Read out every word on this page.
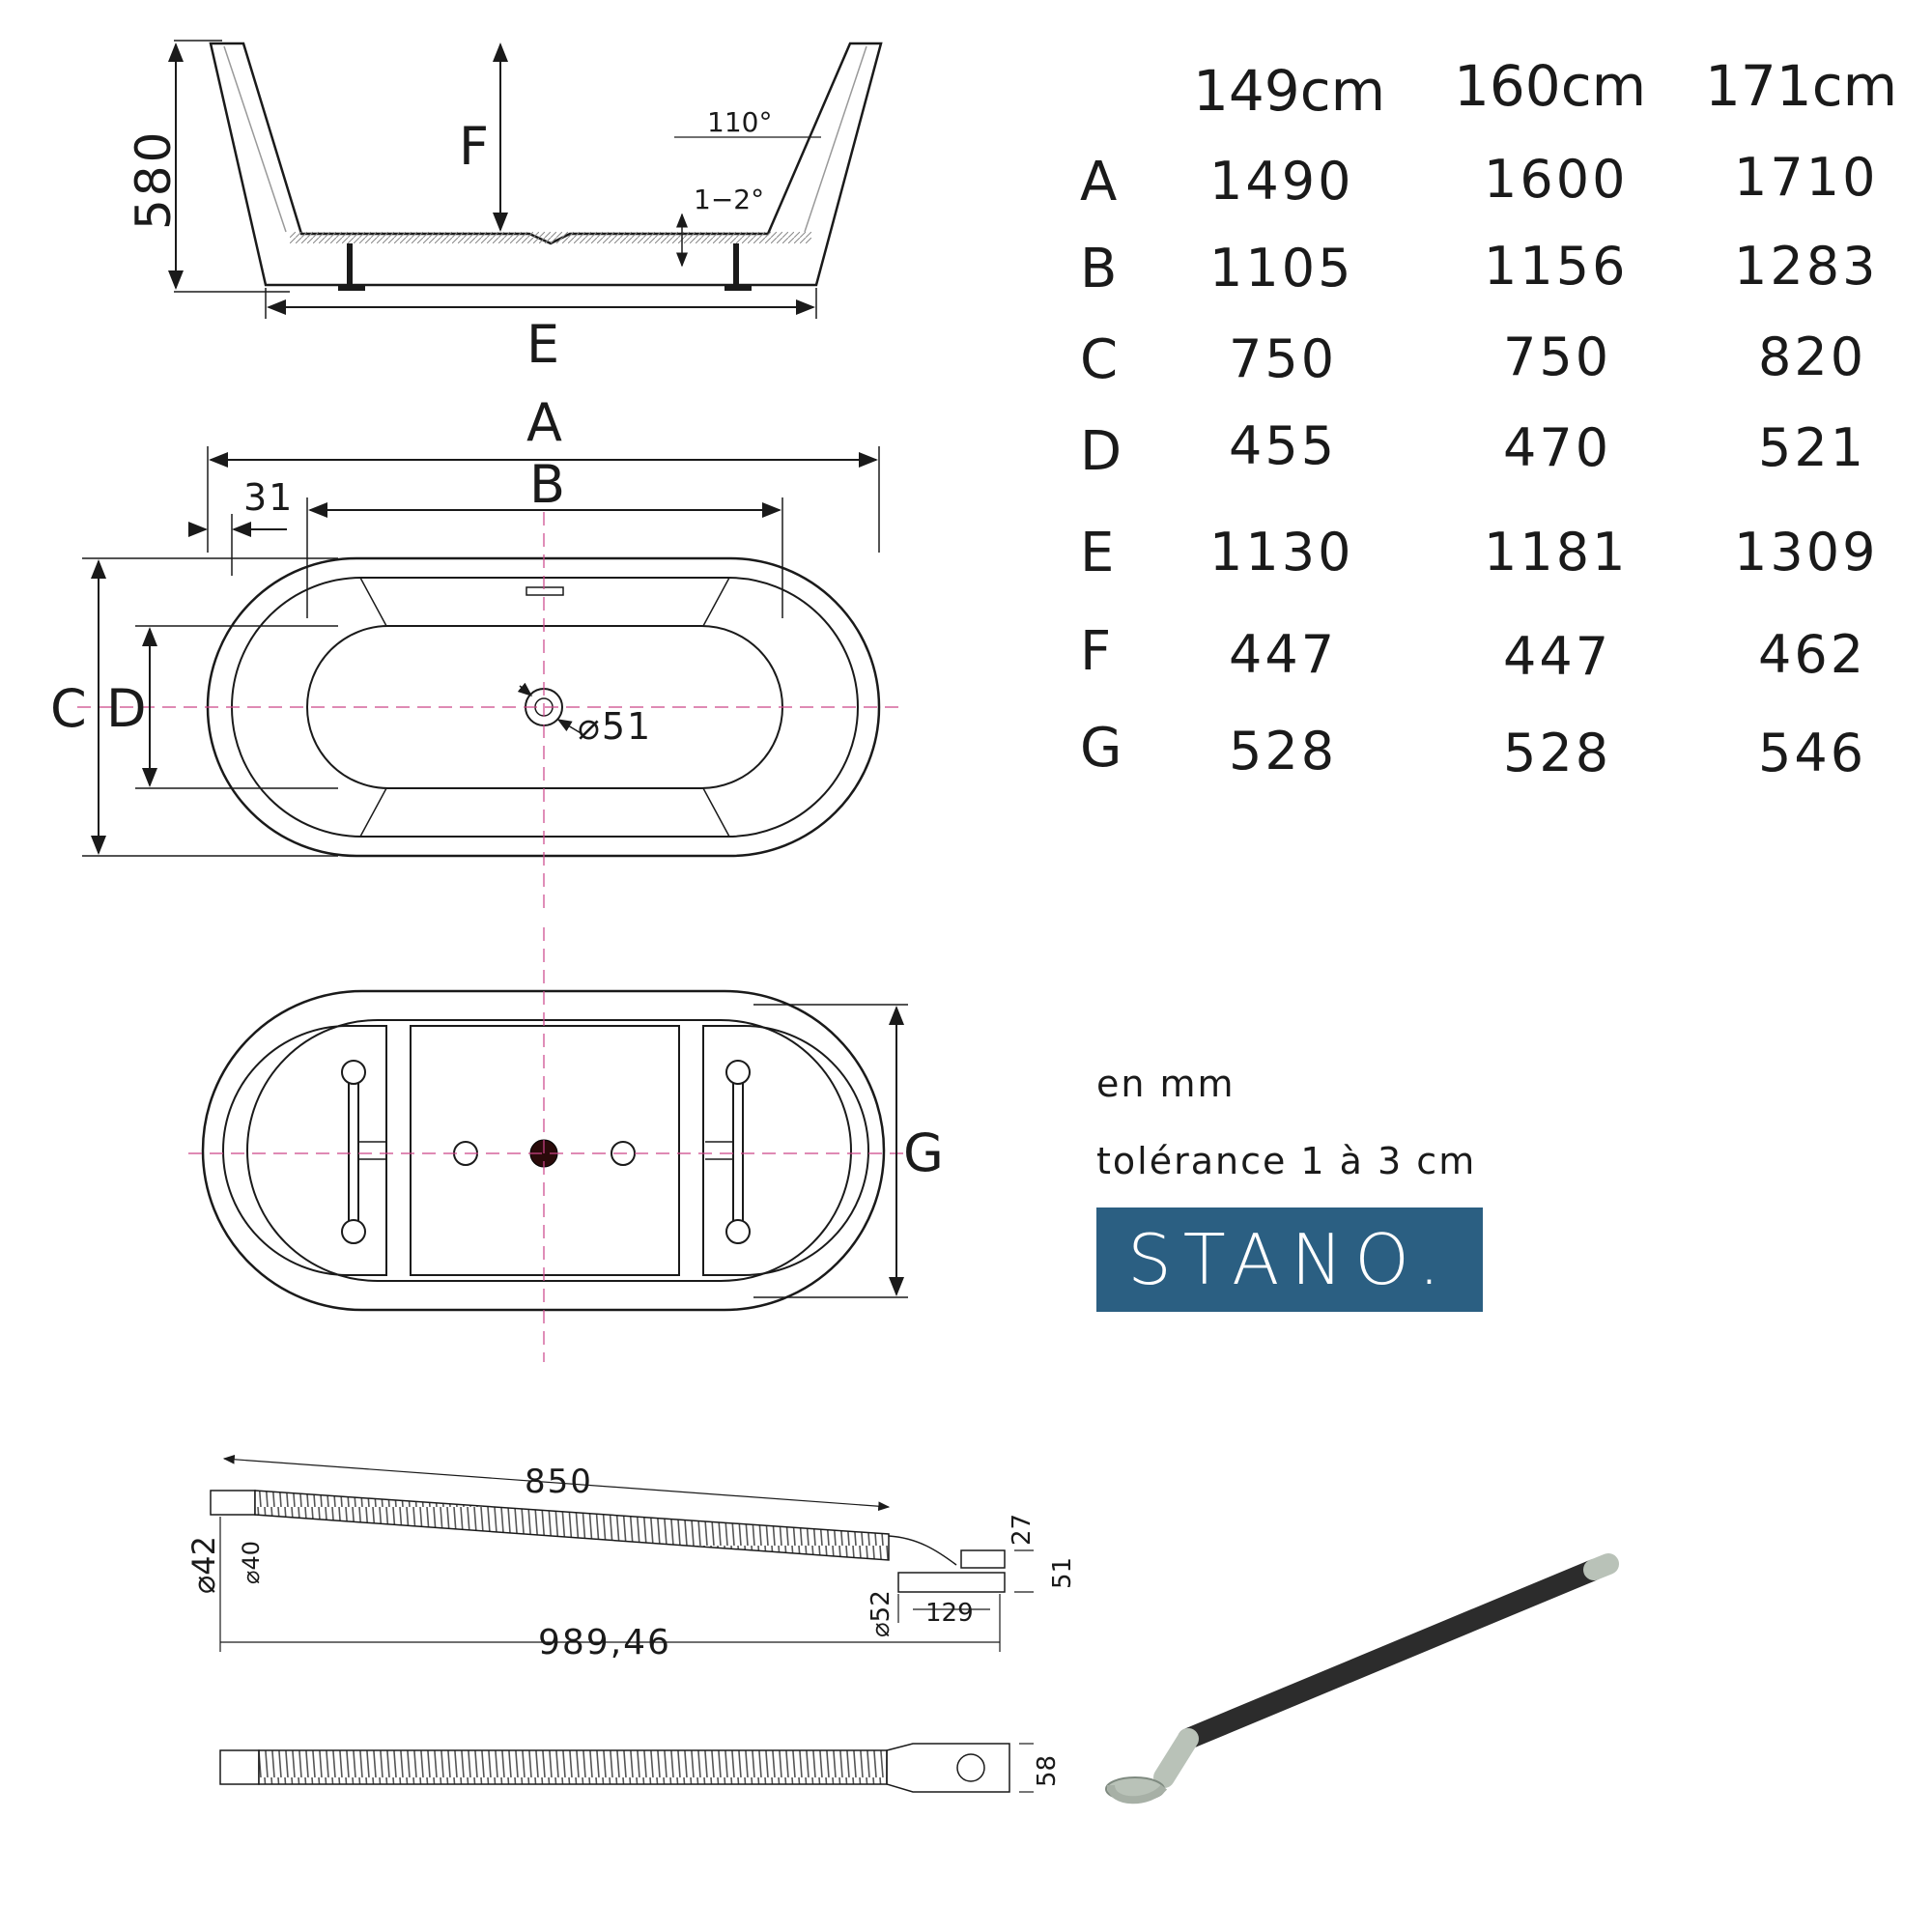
580	F
E
110°
1−2°
A
B
31
C D	⌀51
G
850
989,46
⌀42 ⌀40
⌀52 129
27
51
58
149cm 160cm 171cm
A 1490 1600 1710
B 1105 1156 1283
C 750	750	820
D 455	470	521
E 1130 1181 1309
F 447	447	462
G 528	528	546
en mm
tolérance 1 à 3 cm
STANO.
